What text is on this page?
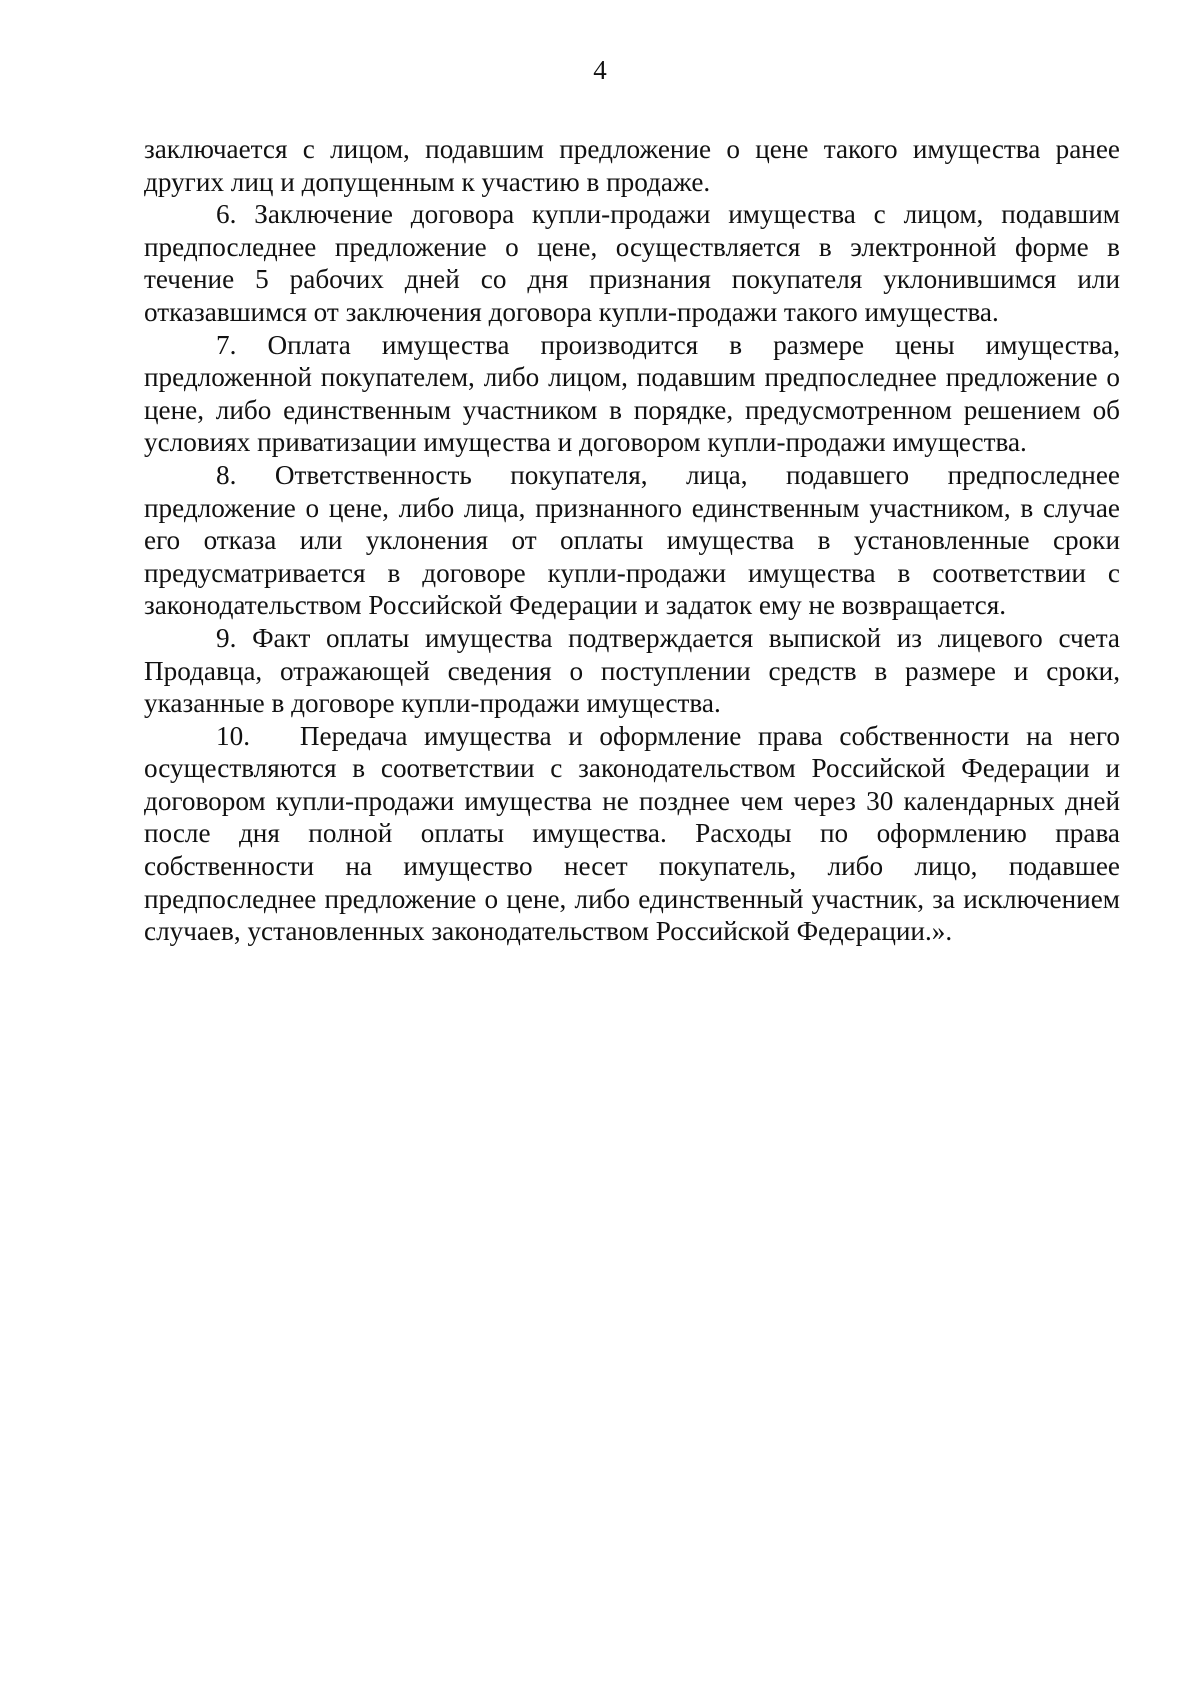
4

заключается с лицом, подавшим предложение о цене такого имущества ранее других лиц и допущенным к участию в продаже.

6. Заключение договора купли-продажи имущества с лицом, подавшим предпоследнее предложение о цене, осуществляется в электронной форме в течение 5 рабочих дней со дня признания покупателя уклонившимся или отказавшимся от заключения договора купли-продажи такого имущества.

7. Оплата имущества производится в размере цены имущества, предложенной покупателем, либо лицом, подавшим предпоследнее предложение о цене, либо единственным участником в порядке, предусмотренном решением об условиях приватизации имущества и договором купли-продажи имущества.

8. Ответственность покупателя, лица, подавшего предпоследнее предложение о цене, либо лица, признанного единственным участником, в случае его отказа или уклонения от оплаты имущества в установленные сроки предусматривается в договоре купли-продажи имущества в соответствии с законодательством Российской Федерации и задаток ему не возвращается.

9. Факт оплаты имущества подтверждается выпиской из лицевого счета Продавца, отражающей сведения о поступлении средств в размере и сроки, указанные в договоре купли-продажи имущества.

10.   Передача имущества и оформление права собственности на него осуществляются в соответствии с законодательством Российской Федерации и договором купли-продажи имущества не позднее чем через 30 календарных дней после дня полной оплаты имущества. Расходы по оформлению права собственности на имущество несет покупатель, либо лицо, подавшее предпоследнее предложение о цене, либо единственный участник, за исключением случаев, установленных законодательством Российской Федерации.».
